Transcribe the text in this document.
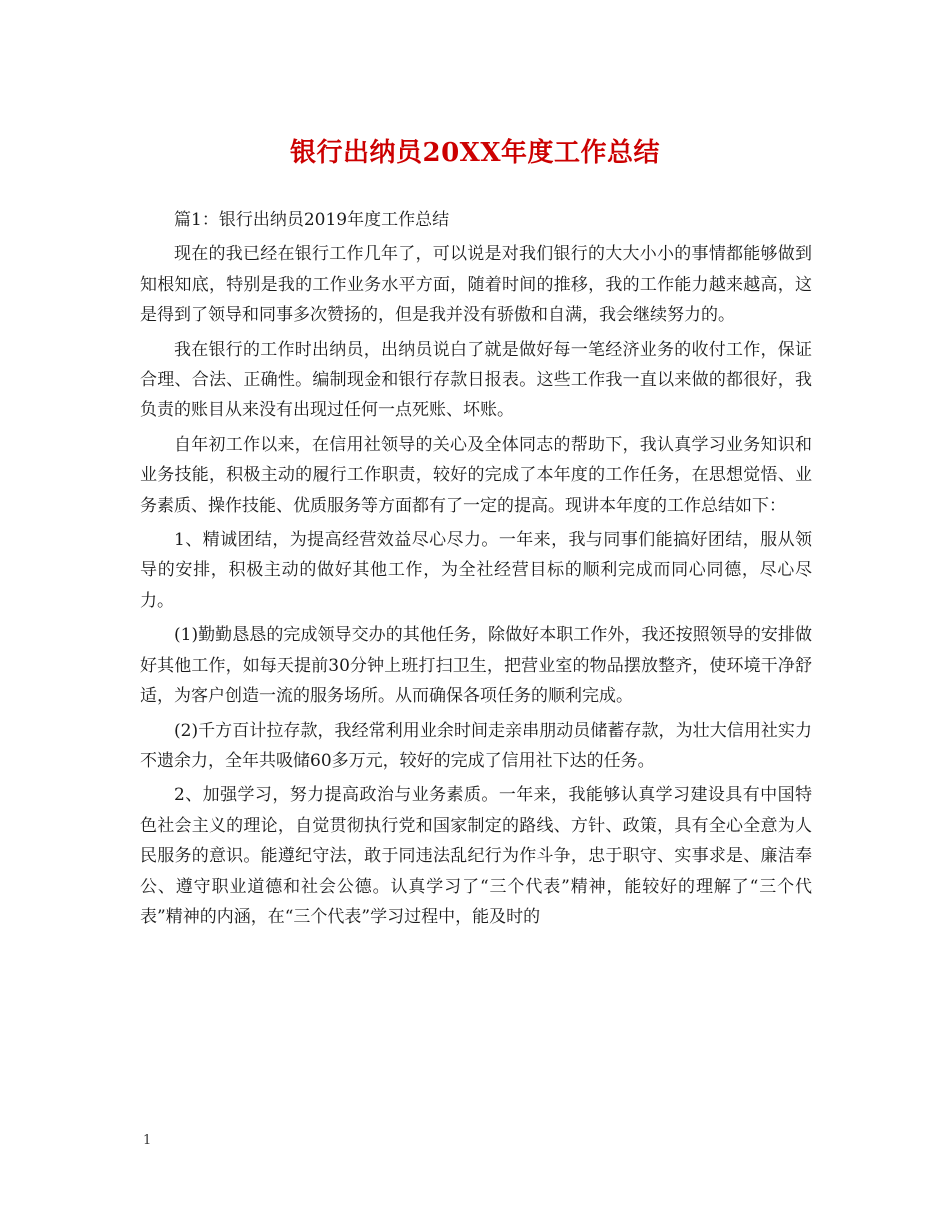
银行出纳员20XX年度工作总结

篇1：银行出纳员2019年度工作总结

现在的我已经在银行工作几年了，可以说是对我们银行的大大小小的事情都能够做到知根知底，特别是我的工作业务水平方面，随着时间的推移，我的工作能力越来越高，这是得到了领导和同事多次赞扬的，但是我并没有骄傲和自满，我会继续努力的。

我在银行的工作时出纳员，出纳员说白了就是做好每一笔经济业务的收付工作，保证合理、合法、正确性。编制现金和银行存款日报表。这些工作我一直以来做的都很好，我负责的账目从来没有出现过任何一点死账、坏账。

自年初工作以来，在信用社领导的关心及全体同志的帮助下，我认真学习业务知识和业务技能，积极主动的履行工作职责，较好的完成了本年度的工作任务，在思想觉悟、业务素质、操作技能、优质服务等方面都有了一定的提高。现讲本年度的工作总结如下：

1、精诚团结，为提高经营效益尽心尽力。一年来，我与同事们能搞好团结，服从领导的安排，积极主动的做好其他工作，为全社经营目标的顺利完成而同心同德，尽心尽力。

(1)勤勤恳恳的完成领导交办的其他任务，除做好本职工作外，我还按照领导的安排做好其他工作，如每天提前30分钟上班打扫卫生，把营业室的物品摆放整齐，使环境干净舒适，为客户创造一流的服务场所。从而确保各项任务的顺利完成。

(2)千方百计拉存款，我经常利用业余时间走亲串朋动员储蓄存款，为壮大信用社实力不遗余力，全年共吸储60多万元，较好的完成了信用社下达的任务。

2、加强学习，努力提高政治与业务素质。一年来，我能够认真学习建设具有中国特色社会主义的理论，自觉贯彻执行党和国家制定的路线、方针、政策，具有全心全意为人民服务的意识。能遵纪守法，敢于同违法乱纪行为作斗争，忠于职守、实事求是、廉洁奉公、遵守职业道德和社会公德。认真学习了“三个代表”精神，能较好的理解了“三个代表”精神的内涵，在“三个代表”学习过程中，能及时的

1
